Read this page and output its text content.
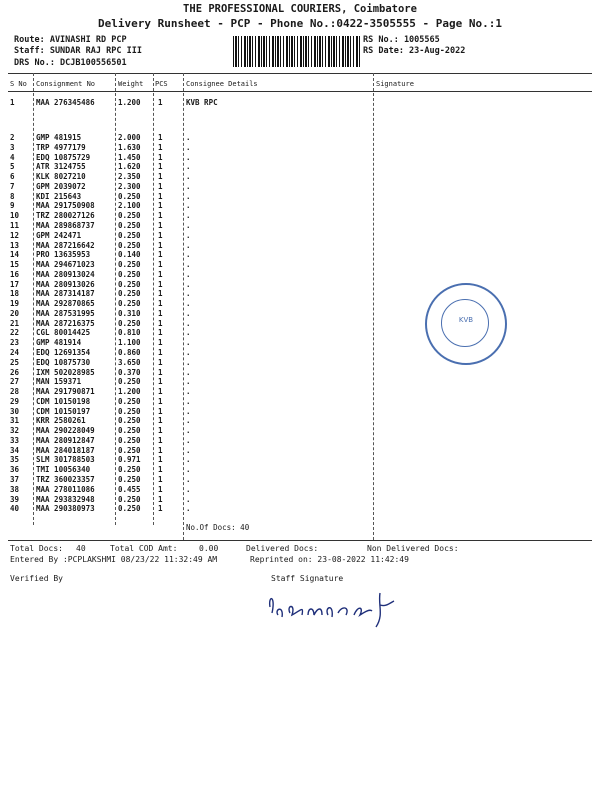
THE PROFESSIONAL COURIERS, Coimbatore
Delivery Runsheet - PCP - Phone No.:0422-3505555 - Page No.:1
Route: AVINASHI RD PCP
Staff: SUNDAR RAJ RPC III
DRS No.: DCJB100556501
RS No.: 1005565
RS Date: 23-Aug-2022
S No Consignment No	Weight PCS	Consignee Details	Signature
1	MAA 276345486	1.200 1	KVB RPC
2	GMP 481915	2.000 1	.
3	TRP 4977179	1.630 1	.
4	EDQ 10875729	1.450 1	.
5	ATR 3124755	1.620 1	.
6	KLK 8027210	2.350 1	.
7	GPM 2039072	2.300 1	.
8	KDI 215643	0.250 1	.
9	MAA 291750908	2.100 1	.
10 TRZ 280027126	0.250 1	.
11 MAA 289868737	0.250 1	.
12 GPM 242471	0.250 1	.
13 MAA 287216642	0.250 1	.
14 PRO 13635953	0.140 1	.
15 MAA 294671023	0.250 1	.
16 MAA 280913024	0.250 1	.
17 MAA 280913026	0.250 1	.
18 MAA 287314187	0.250 1	.
19 MAA 292870865	0.250 1	.
20 MAA 287531995	0.310 1	.
21 MAA 287216375	0.250 1	.
22 CGL 80014425	0.810 1	.
23 GMP 481914	1.100 1	.
24 EDQ 12691354	0.860 1	.
25 EDQ 10875730	3.650 1	.
26 IXM 502028985	0.370 1	.
27 MAN 159371	0.250 1	.
28 MAA 291790871	1.200 1	.
29 CDM 10150198	0.250 1	.
30 CDM 10150197	0.250 1	.
31 KRR 2580261	0.250 1	.
32 MAA 290228049	0.250 1	.
33 MAA 280912847	0.250 1	.
34 MAA 284018187	0.250 1	.
35 SLM 301788503	0.971 1	.
36 TMI 10056340	0.250 1	.
37 TRZ 360023357	0.250 1	.
38 MAA 278011086	0.455 1	.
39 MAA 293832948	0.250 1	.
40 MAA 290380973	0.250 1	.
No.Of Docs: 40
KVB
Total Docs: 40	Total COD Amt:	0.00	Delivered Docs:	Non Delivered Docs:
Entered By :PCPLAKSHMI 08/23/22 11:32:49 AM	Reprinted on: 23-08-2022 11:42:49
Verified By	Staff Signature
